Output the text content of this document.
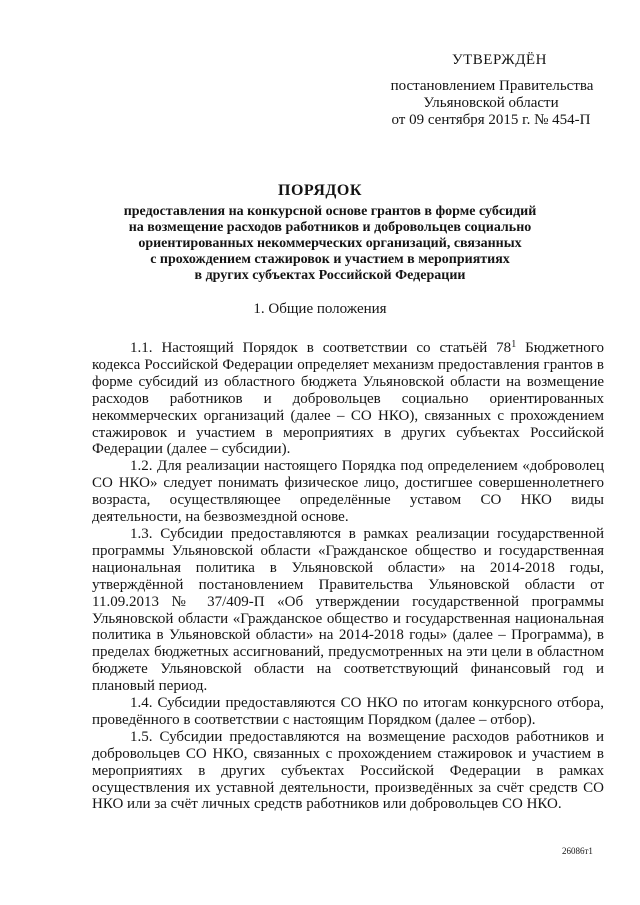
УТВЕРЖДЁН
постановлением Правительства
Ульяновской области
от 09 сентября 2015 г. № 454-П
ПОРЯДОК
предоставления на конкурсной основе грантов в форме субсидий
на возмещение расходов работников и добровольцев социально
ориентированных некоммерческих организаций, связанных
с прохождением стажировок и участием в мероприятиях
в других субъектах Российской Федерации
1. Общие положения

1.1. Настоящий Порядок в соответствии со статьёй $78^1$ Бюджетного кодекса Российской Федерации определяет механизм предоставления грантов в форме субсидий из областного бюджета Ульяновской области на возмещение расходов работников и добровольцев социально ориентированных некоммерческих организаций (далее – СО НКО), связанных с прохождением стажировок и участием в мероприятиях в других субъектах Российской Федерации (далее – субсидии).

1.2. Для реализации настоящего Порядка под определением «доброволец СО НКО» следует понимать физическое лицо, достигшее совершеннолетнего возраста, осуществляющее определённые уставом СО НКО виды деятельности, на безвозмездной основе.

1.3. Субсидии предоставляются в рамках реализации государственной программы Ульяновской области «Гражданское общество и государственная национальная политика в Ульяновской области» на 2014-2018 годы, утверждённой постановлением Правительства Ульяновской области от 11.09.2013 № 37/409-П «Об утверждении государственной программы Ульяновской области «Гражданское общество и государственная национальная политика в Ульяновской области» на 2014-2018 годы» (далее – Программа), в пределах бюджетных ассигнований, предусмотренных на эти цели в областном бюджете Ульяновской области на соответствующий финансовый год и плановый период.

1.4. Субсидии предоставляются СО НКО по итогам конкурсного отбора, проведённого в соответствии с настоящим Порядком (далее – отбор).

1.5. Субсидии предоставляются на возмещение расходов работников и добровольцев СО НКО, связанных с прохождением стажировок и участием в мероприятиях в других субъектах Российской Федерации в рамках осуществления их уставной деятельности, произведённых за счёт средств СО НКО или за счёт личных средств работников или добровольцев СО НКО.

26086т1
